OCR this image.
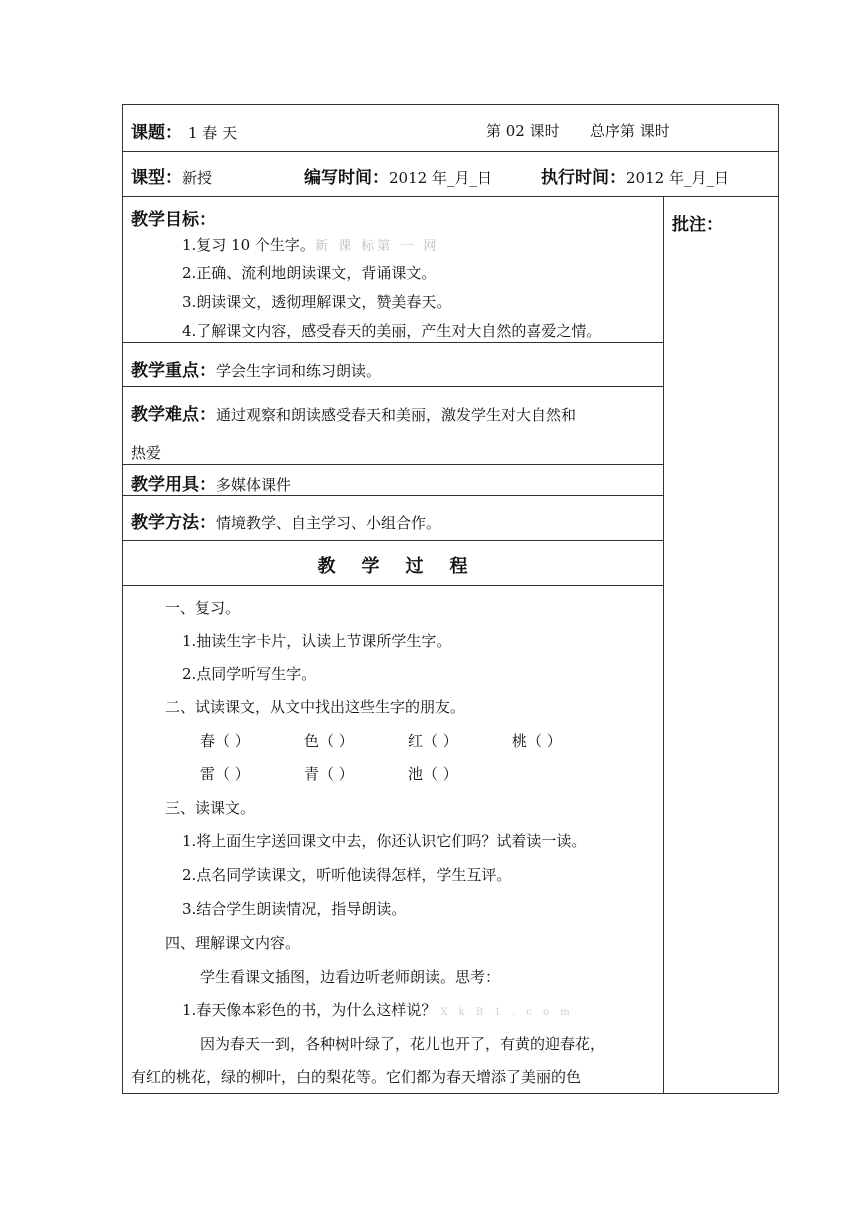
课题： 1 春 天	第 02 课时 总序第 课时
课型：新授	编写时间：2012 年_月_日	执行时间：2012 年_月_日
批注：
教学目标：
1.复习 10 个生字。新 课 标第 一 网
2.正确、流利地朗读课文，背诵课文。
3.朗读课文，透彻理解课文，赞美春天。
4.了解课文内容，感受春天的美丽，产生对大自然的喜爱之情。
教学重点：学会生字词和练习朗读。
教学难点：通过观察和朗读感受春天和美丽，激发学生对大自然和
热爱
教学用具：多媒体课件
教学方法：情境教学、自主学习、小组合作。
教学过程
一、复习。
1.抽读生字卡片，认读上节课所学生字。
2.点同学听写生字。
二、试读课文，从文中找出这些生字的朋友。
春（ ）	色（ ）	红（ ）	桃（ ）
雷（ ）	青（ ）	池（ ）
三、读课文。
1.将上面生字送回课文中去，你还认识它们吗？试着读一读。
2.点名同学读课文，听听他读得怎样，学生互评。
3.结合学生朗读情况，指导朗读。
四、理解课文内容。
学生看课文插图，边看边听老师朗读。思考：
1.春天像本彩色的书，为什么这样说？ X k B 1 . c o m
因为春天一到，各种树叶绿了，花儿也开了，有黄的迎春花，
有红的桃花，绿的柳叶，白的梨花等。它们都为春天增添了美丽的色
